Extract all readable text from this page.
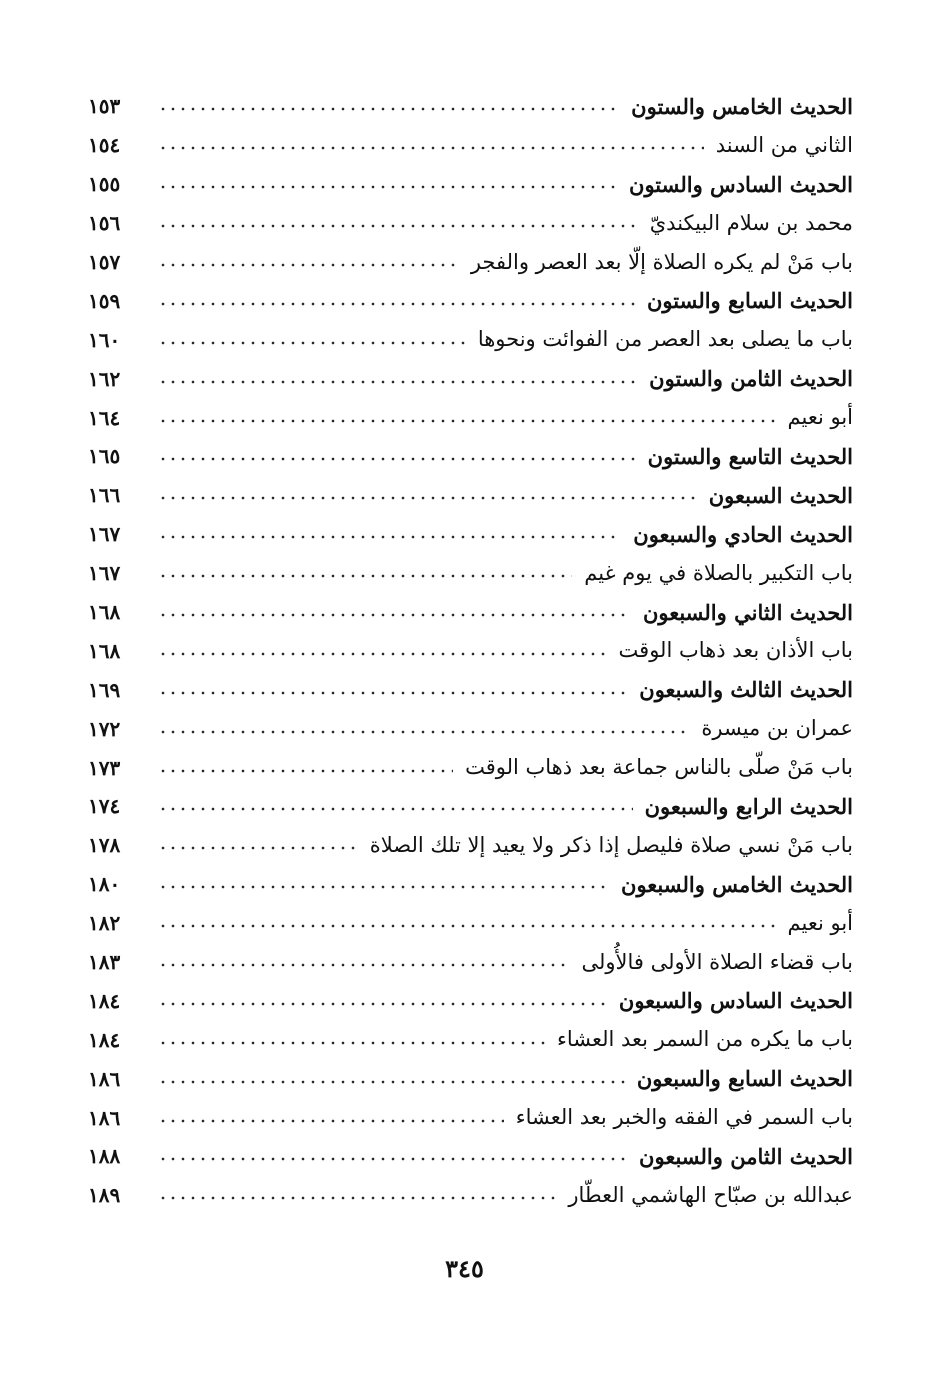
الحديث الخامس والستون
١٥٣
الثاني من السند
١٥٤
الحديث السادس والستون
١٥٥
محمد بن سلام البيكنديّ
١٥٦
باب مَنْ لم يكره الصلاة إلّا بعد العصر والفجر
١٥٧
الحديث السابع والستون
١٥٩
باب ما يصلى بعد العصر من الفوائت ونحوها
١٦٠
الحديث الثامن والستون
١٦٢
أبو نعيم
١٦٤
الحديث التاسع والستون
١٦٥
الحديث السبعون
١٦٦
الحديث الحادي والسبعون
١٦٧
باب التكبير بالصلاة في يوم غيم
١٦٧
الحديث الثاني والسبعون
١٦٨
باب الأذان بعد ذهاب الوقت
١٦٨
الحديث الثالث والسبعون
١٦٩
عمران بن ميسرة
١٧٢
باب مَنْ صلّى بالناس جماعة بعد ذهاب الوقت
١٧٣
الحديث الرابع والسبعون
١٧٤
باب مَنْ نسي صلاة فليصل إذا ذكر ولا يعيد إلا تلك الصلاة
١٧٨
الحديث الخامس والسبعون
١٨٠
أبو نعيم
١٨٢
باب قضاء الصلاة الأولى فالأُولى
١٨٣
الحديث السادس والسبعون
١٨٤
باب ما يكره من السمر بعد العشاء
١٨٤
الحديث السابع والسبعون
١٨٦
باب السمر في الفقه والخبر بعد العشاء
١٨٦
الحديث الثامن والسبعون
١٨٨
عبدالله بن صبّاح الهاشمي العطّار
١٨٩
٣٤٥
